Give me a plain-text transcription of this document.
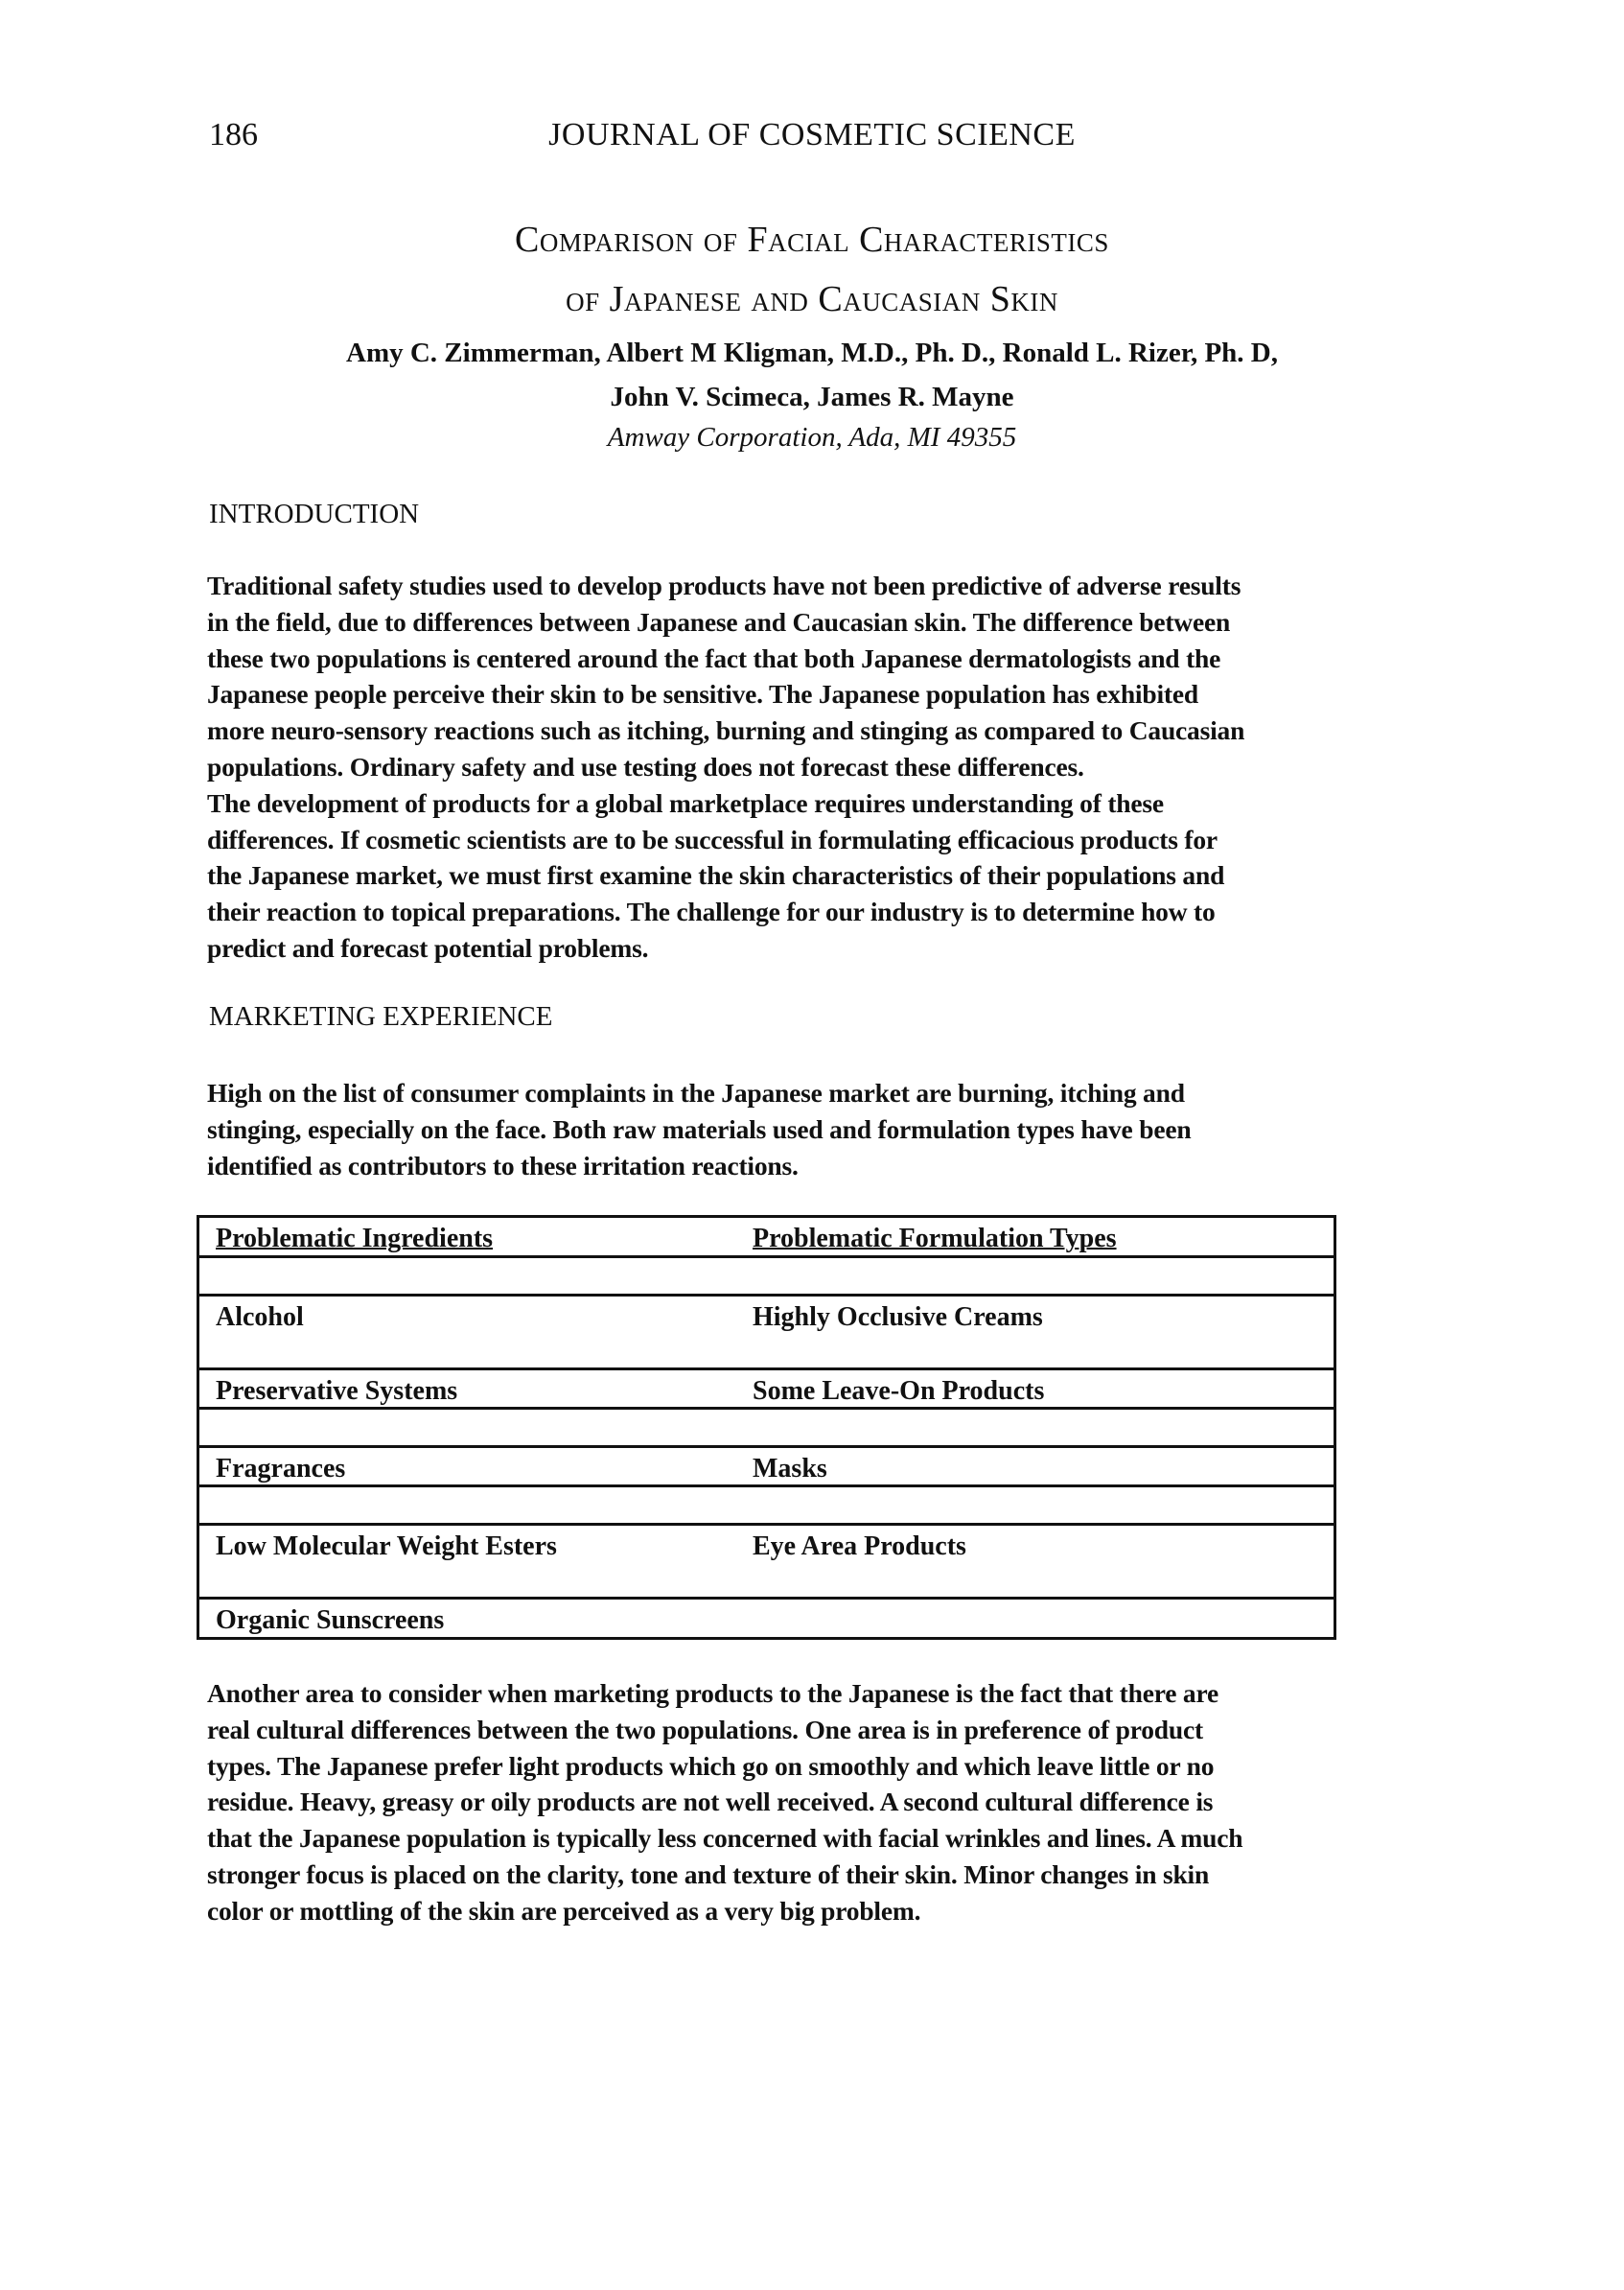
186	JOURNAL OF COSMETIC SCIENCE
Comparison of Facial Characteristics
of Japanese and Caucasian Skin
Amy C. Zimmerman, Albert M Kligman, M.D., Ph. D., Ronald L. Rizer, Ph. D,
John V. Scimeca, James R. Mayne
Amway Corporation, Ada, MI 49355
INTRODUCTION
Traditional safety studies used to develop products have not been predictive of adverse results
in the field, due to differences between Japanese and Caucasian skin. The difference between
these two populations is centered around the fact that both Japanese dermatologists and the
Japanese people perceive their skin to be sensitive. The Japanese population has exhibited
more neuro-sensory reactions such as itching, burning and stinging as compared to Caucasian
populations. Ordinary safety and use testing does not forecast these differences.
The development of products for a global marketplace requires understanding of these
differences. If cosmetic scientists are to be successful in formulating efficacious products for
the Japanese market, we must first examine the skin characteristics of their populations and
their reaction to topical preparations. The challenge for our industry is to determine how to
predict and forecast potential problems.
MARKETING EXPERIENCE
High on the list of consumer complaints in the Japanese market are burning, itching and
stinging, especially on the face. Both raw materials used and formulation types have been
identified as contributors to these irritation reactions.
Problematic Ingredients	Problematic Formulation Types

Alcohol	Highly Occlusive Creams
Preservative Systems	Some Leave-On Products

Fragrances	Masks

Low Molecular Weight Esters	Eye Area Products
Organic Sunscreens	
Another area to consider when marketing products to the Japanese is the fact that there are
real cultural differences between the two populations. One area is in preference of product
types. The Japanese prefer light products which go on smoothly and which leave little or no
residue. Heavy, greasy or oily products are not well received. A second cultural difference is
that the Japanese population is typically less concerned with facial wrinkles and lines. A much
stronger focus is placed on the clarity, tone and texture of their skin. Minor changes in skin
color or mottling of the skin are perceived as a very big problem.
